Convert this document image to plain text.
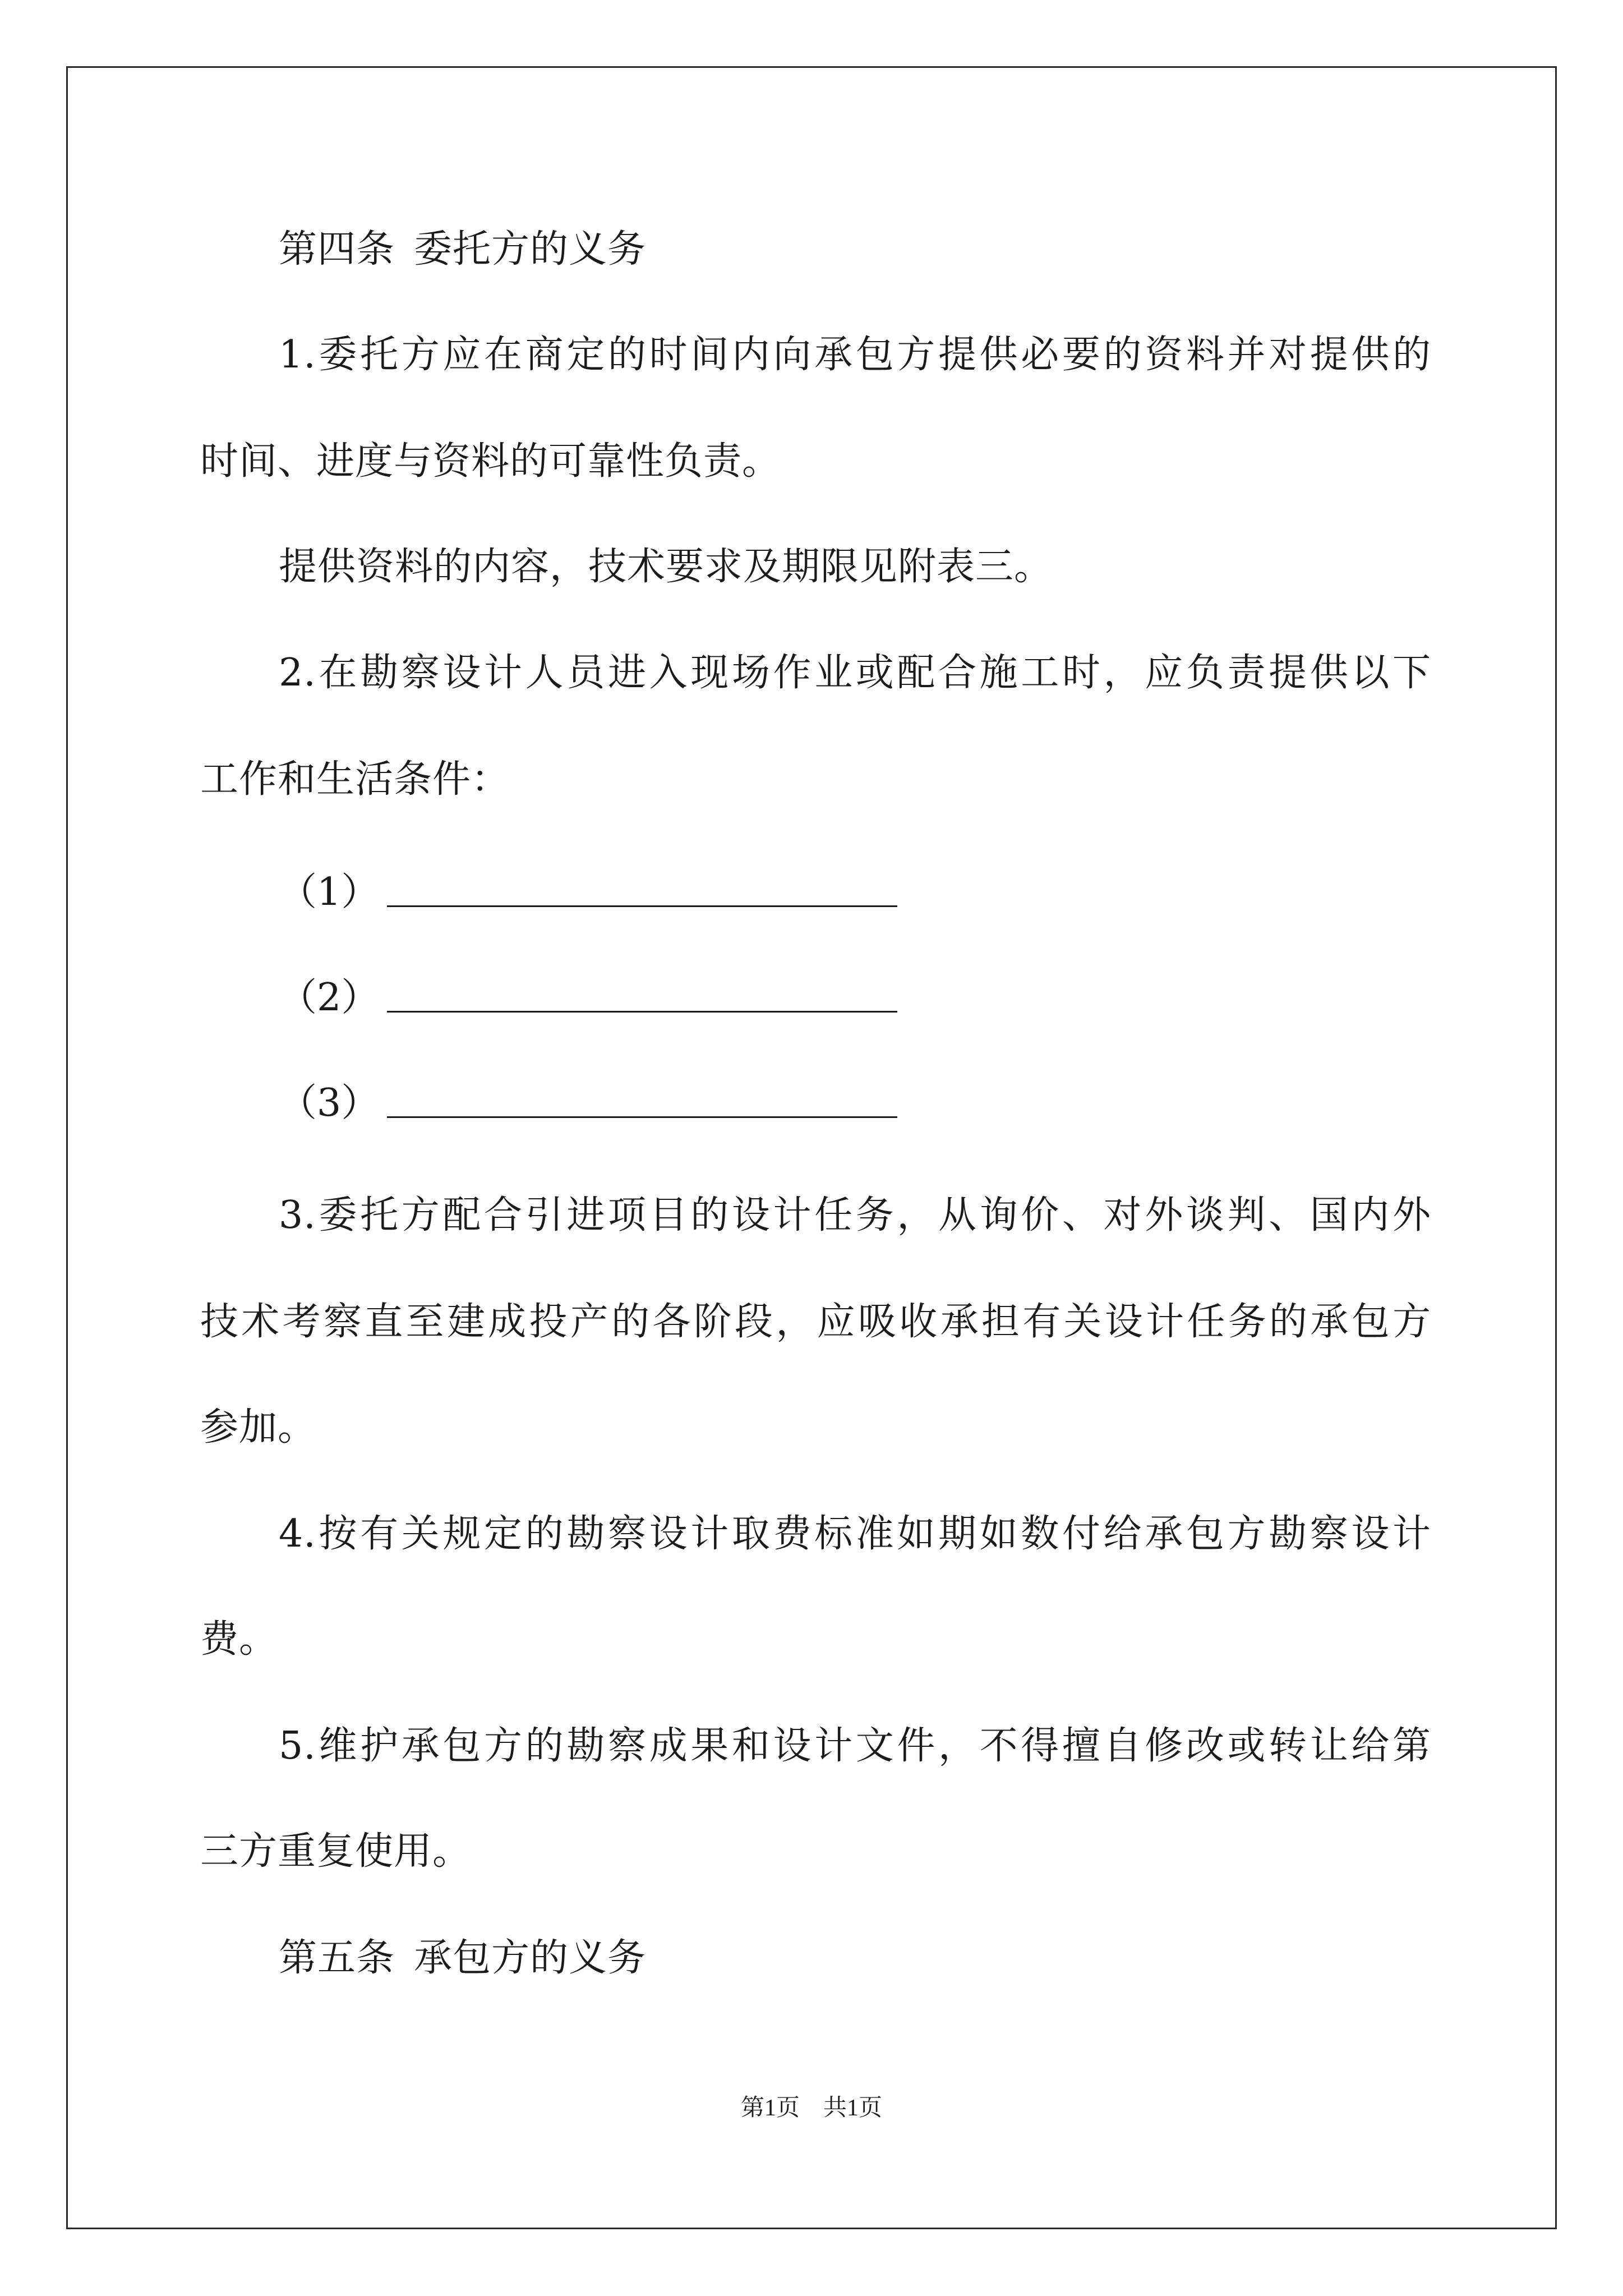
第四条 委托方的义务
1.委托方应在商定的时间内向承包方提供必要的资料并对提供的
时间、进度与资料的可靠性负责。
提供资料的内容，技术要求及期限见附表三。
2.在勘察设计人员进入现场作业或配合施工时，应负责提供以下
工作和生活条件：
（1）
（2）
（3）
3.委托方配合引进项目的设计任务，从询价、对外谈判、国内外
技术考察直至建成投产的各阶段，应吸收承担有关设计任务的承包方
参加。
4.按有关规定的勘察设计取费标准如期如数付给承包方勘察设计
费。
5.维护承包方的勘察成果和设计文件，不得擅自修改或转让给第
三方重复使用。
第五条 承包方的义务
第1页 共1页
